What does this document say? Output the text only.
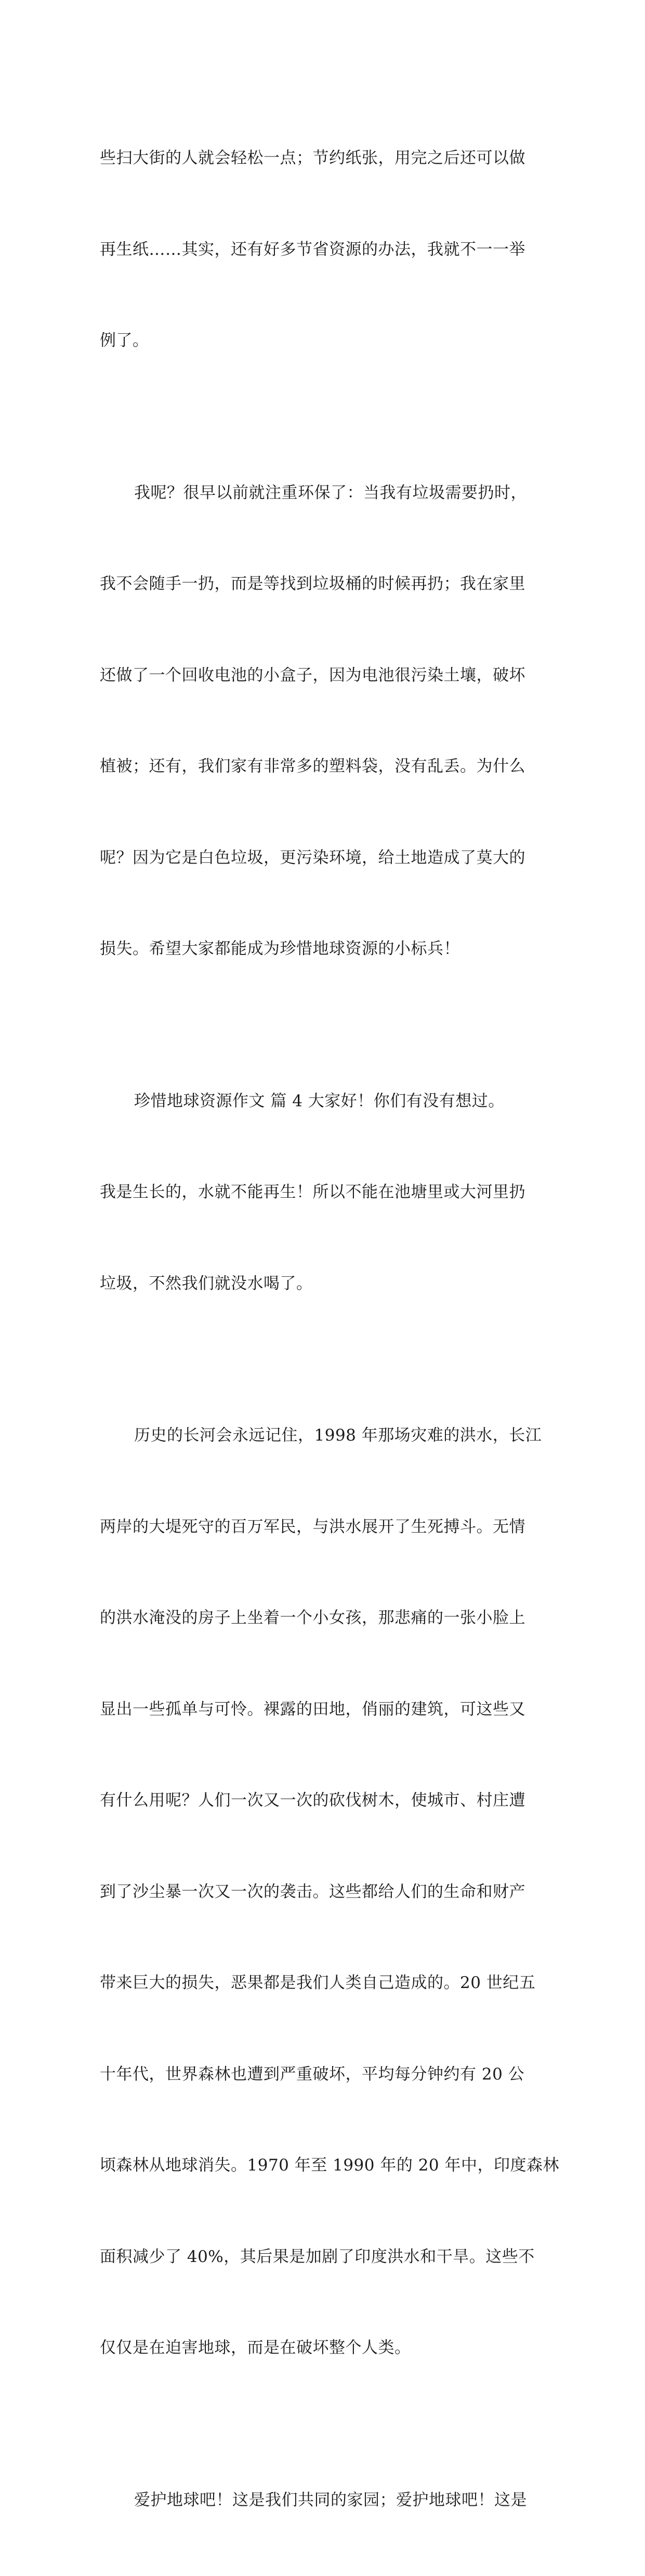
些扫大街的人就会轻松一点；节约纸张，用完之后还可以做

再生纸……其实，还有好多节省资源的办法，我就不一一举

例了。

我呢？很早以前就注重环保了：当我有垃圾需要扔时，

我不会随手一扔，而是等找到垃圾桶的时候再扔；我在家里

还做了一个回收电池的小盒子，因为电池很污染土壤，破坏

植被；还有，我们家有非常多的塑料袋，没有乱丢。为什么

呢？因为它是白色垃圾，更污染环境，给土地造成了莫大的

损失。希望大家都能成为珍惜地球资源的小标兵！

珍惜地球资源作文 篇 4 大家好！你们有没有想过。

我是生长的，水就不能再生！所以不能在池塘里或大河里扔

垃圾，不然我们就没水喝了。

历史的长河会永远记住，1998 年那场灾难的洪水，长江

两岸的大堤死守的百万军民，与洪水展开了生死搏斗。无情

的洪水淹没的房子上坐着一个小女孩，那悲痛的一张小脸上

显出一些孤单与可怜。裸露的田地，俏丽的建筑，可这些又

有什么用呢？人们一次又一次的砍伐树木，使城市、村庄遭

到了沙尘暴一次又一次的袭击。这些都给人们的生命和财产

带来巨大的损失，恶果都是我们人类自己造成的。20 世纪五

十年代，世界森林也遭到严重破坏，平均每分钟约有 20 公

顷森林从地球消失。1970 年至 1990 年的 20 年中，印度森林

面积减少了 40%，其后果是加剧了印度洪水和干旱。这些不

仅仅是在迫害地球，而是在破坏整个人类。

爱护地球吧！这是我们共同的家园；爱护地球吧！这是
